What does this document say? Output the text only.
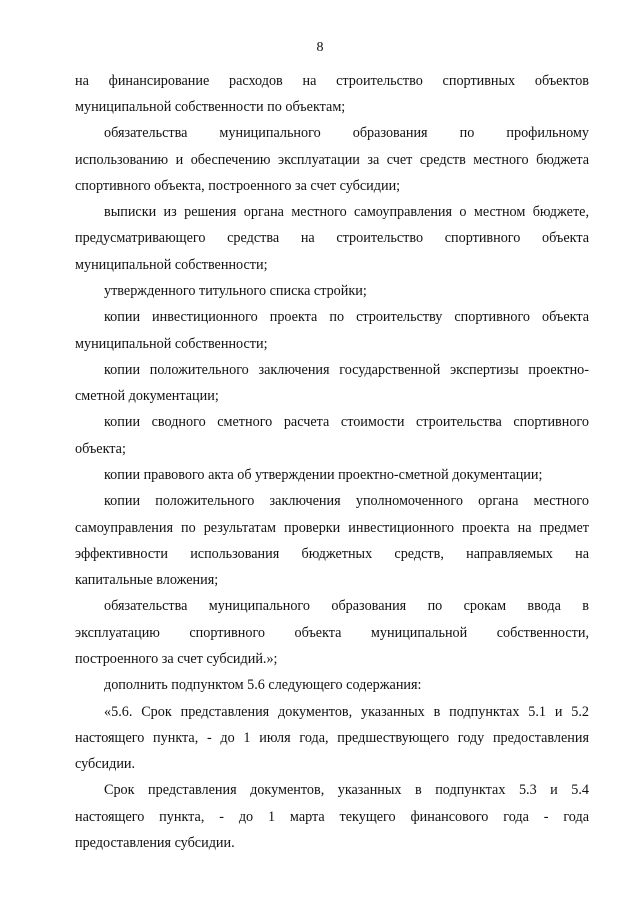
8
на финансирование расходов на строительство спортивных объектов
муниципальной собственности по объектам;
обязательства муниципального образования по профильному
использованию и обеспечению эксплуатации за счет средств местного бюджета
спортивного объекта, построенного за счет субсидии;
выписки из решения органа местного самоуправления о местном бюджете,
предусматривающего средства на строительство спортивного объекта
муниципальной собственности;
утвержденного титульного списка стройки;
копии инвестиционного проекта по строительству спортивного объекта
муниципальной собственности;
копии положительного заключения государственной экспертизы проектно-
сметной документации;
копии сводного сметного расчета стоимости строительства спортивного
объекта;
копии правового акта об утверждении проектно-сметной документации;
копии положительного заключения уполномоченного органа местного
самоуправления по результатам проверки инвестиционного проекта на предмет
эффективности использования бюджетных средств, направляемых на
капитальные вложения;
обязательства муниципального образования по срокам ввода в
эксплуатацию спортивного объекта муниципальной собственности,
построенного за счет субсидий.»;
дополнить подпунктом 5.6 следующего содержания:
«5.6. Срок представления документов, указанных в подпунктах 5.1 и 5.2
настоящего пункта, - до 1 июля года, предшествующего году предоставления
субсидии.
Срок представления документов, указанных в подпунктах 5.3 и 5.4
настоящего пункта, - до 1 марта текущего финансового года - года
предоставления субсидии.
